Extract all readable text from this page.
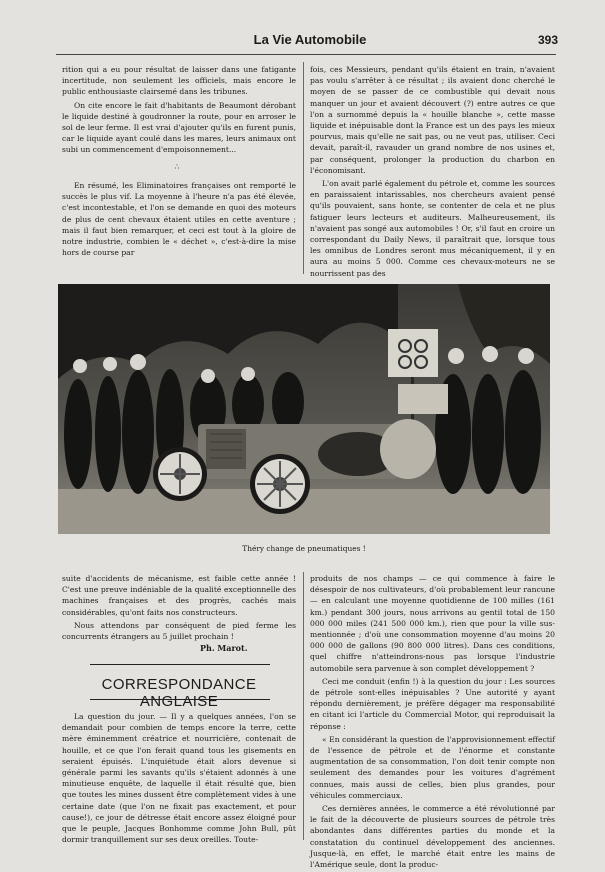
La Vie Automobile	393

rition qui a eu pour résultat de laisser dans une fatigante incertitude, non seulement les officiels, mais encore le public enthousiaste clairsemé dans les tribunes.

On cite encore le fait d'habitants de Beaumont dérobant le liquide destiné à goudronner la route, pour en arroser le sol de leur ferme. Il est vrai d'ajouter qu'ils en furent punis, car le liquide ayant coulé dans les mares, leurs animaux ont subi un commencement d'empoisonnement...

∴

En résumé, les Eliminatoires françaises ont remporté le succès le plus vif. La moyenne à l'heure n'a pas été élevée, c'est incontestable, et l'on se demande en quoi des moteurs de plus de cent chevaux étaient utiles en cette aventure ; mais il faut bien remarquer, et ceci est tout à la gloire de notre industrie, combien le « déchet », c'est-à-dire la mise hors de course par

fois, ces Messieurs, pendant qu'ils étaient en train, n'avaient pas voulu s'arrêter à ce résultat ; ils avaient donc cherché le moyen de se passer de ce combustible qui devait nous manquer un jour et avaient découvert (?) entre autres ce que l'on a surnommé depuis la « houille blanche », cette masse liquide et inépuisable dont la France est un des pays les mieux pourvus, mais qu'elle ne sait pas, ou ne veut pas, utiliser. Ceci devait, paraît-il, ravauder un grand nombre de nos usines et, par conséquent, prolonger la production du charbon en l'économisant.

L'on avait parlé également du pétrole et, comme les sources en paraissaient intarissables, nos chercheurs avaient pensé qu'ils pouvaient, sans honte, se contenter de cela et ne plus fatiguer leurs lecteurs et auditeurs. Malheureusement, ils n'avaient pas songé aux automobiles ! Or, s'il faut en croire un correspondant du Daily News, il paraîtrait que, lorsque tous les omnibus de Londres seront mus mécaniquement, il y en aura au moins 5 000. Comme ces chevaux-moteurs ne se nourrissent pas des

Théry change de pneumatiques !

suite d'accidents de mécanisme, est faible cette année ! C'est une preuve indéniable de la qualité exceptionnelle des machines françaises et des progrès, cachés mais considérables, qu'ont faits nos constructeurs.

Nous attendons par conséquent de pied ferme les concurrents étrangers au 5 juillet prochain !

Ph. Marot.
CORRESPONDANCE ANGLAISE

La question du jour. — Il y a quelques années, l'on se demandait pour combien de temps encore la terre, cette mère éminemment créatrice et nourricière, contenait de houille, et ce que l'on ferait quand tous les gisements en seraient épuisés. L'inquiétude était alors devenue si générale parmi les savants qu'ils s'étaient adonnés à une minutieuse enquête, de laquelle il était résulté que, bien que toutes les mines dussent être complètement vides à une certaine date (que l'on ne fixait pas exactement, et pour cause!), ce jour de détresse était encore assez éloigné pour que le peuple, Jacques Bonhomme comme John Bull, pût dormir tranquillement sur ses deux oreilles. Toute-

produits de nos champs — ce qui commence à faire le désespoir de nos cultivateurs, d'où probablement leur rancune — en calculant une moyenne quotidienne de 100 milles (161 km.) pendant 300 jours, nous arrivons au gentil total de 150 000 000 miles (241 500 000 km.), rien que pour la ville sus-mentionnée ; d'où une consommation moyenne d'au moins 20 000 000 de gallons (90 800 000 litres). Dans ces conditions, quel chiffre n'atteindrons-nous pas lorsque l'industrie automobile sera parvenue à son complet développement ?

Ceci me conduit (enfin !) à la question du jour : Les sources de pétrole sont-elles inépuisables ? Une autorité y ayant répondu dernièrement, je préfère dégager ma responsabilité en citant ici l'article du Commercial Motor, qui reproduisait la réponse :

« En considérant la question de l'approvisionnement effectif de l'essence de pétrole et de l'énorme et constante augmentation de sa consommation, l'on doit tenir compte non seulement des demandes pour les voitures d'agrément connues, mais aussi de celles, bien plus grandes, pour véhicules commerciaux.

Ces dernières années, le commerce a été révolutionné par le fait de la découverte de plusieurs sources de pétrole très abondantes dans différentes parties du monde et la constatation du continuel développement des anciennes. Jusque-là, en effet, le marché était entre les mains de l'Amérique seule, dont la produc-
